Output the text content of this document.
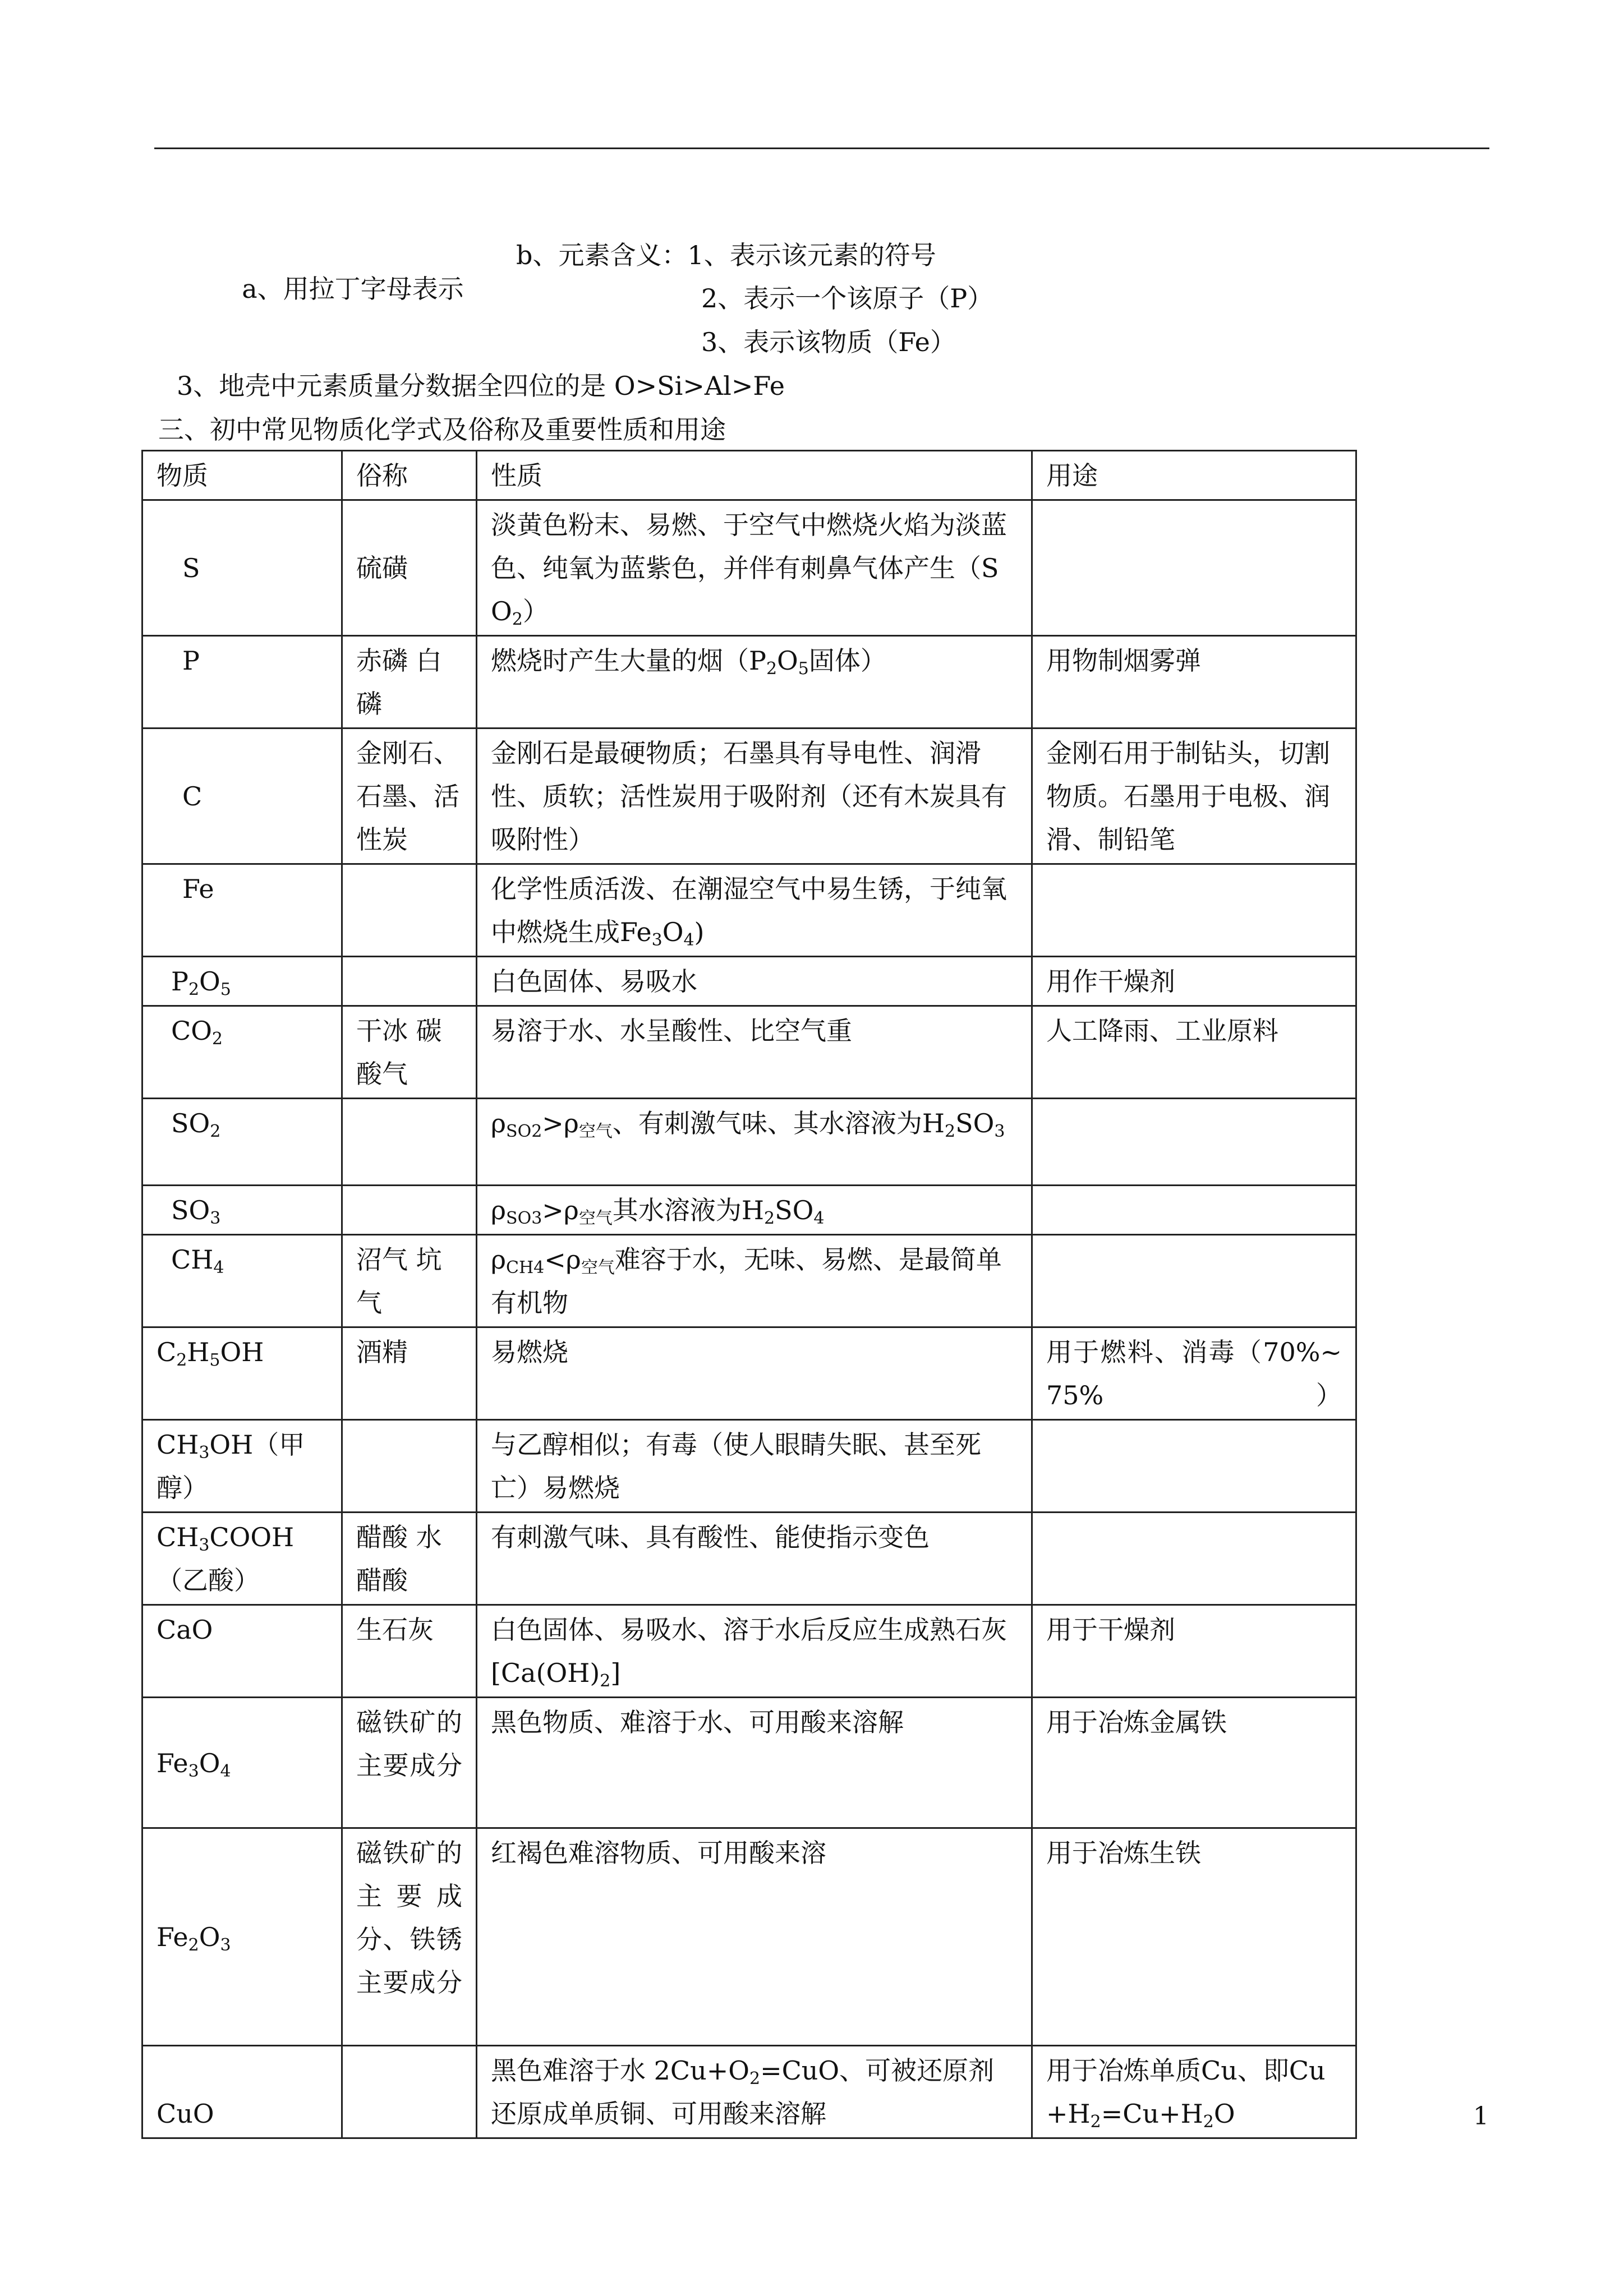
a、用拉丁字母表示

b、元素含义：1、表示该元素的符号

2、表示一个该原子（P）
3、表示该物质（Fe）
3、地壳中元素质量分数据全四位的是 O>Si>Al>Fe
三、初中常见物质化学式及俗称及重要性质和用途
物质	俗称	性质	用途
S	硫磺	淡黄色粉末、易燃、于空气中燃烧火焰为淡蓝色、纯氧为蓝紫色，并伴有刺鼻气体产生$(SO_2)$	
P	赤磷 白磷	燃烧时产生大量的烟（$P_2O_5$固体）	用物制烟雾弹
C	金刚石、石墨、活性炭	金刚石是最硬物质；石墨具有导电性、润滑性、质软；活性炭用于吸附剂（还有木炭具有吸附性）	金刚石用于制钻头，切割物质。石墨用于电极、润滑、制铅笔
Fe		化学性质活泼、在潮湿空气中易生锈，于纯氧中燃烧生成$Fe_3O_4$)	
$P_2O_5$		白色固体、易吸水	用作干燥剂
$CO_2$	干冰 碳酸气	易溶于水、水呈酸性、比空气重	人工降雨、工业原料
$SO_2$		$\rho_{SO2}>\rho_{空气}$、有刺激气味、其水溶液为$H_2SO_3$	
$SO_3$		$\rho_{SO3}>\rho_{空气}$其水溶液为$H_2SO_4$	
$CH_4$	沼气 坑气	$\rho_{CH4}<\rho_{空气}$难容于水，无味、易燃、是最简单有机物	
$C_2H_5OH$	酒精	易燃烧	用于燃料、消毒（70%~75%）
$CH_3OH$（甲醇）		与乙醇相似；有毒（使人眼睛失眠、甚至死亡）易燃烧	
$CH_3COOH$（乙酸）	醋酸 水醋酸	有刺激气味、具有酸性、能使指示变色	
CaO	生石灰	白色固体、易吸水、溶于水后反应生成熟石灰$[Ca(OH)_2]$	用于干燥剂
$Fe_3O_4$	磁铁矿的主要成分	黑色物质、难溶于水、可用酸来溶解	用于冶炼金属铁
$Fe_2O_3$	磁铁矿的主要成分、铁锈主要成分	红褐色难溶物质、可用酸来溶	用于冶炼生铁
CuO		黑色难溶于水 $2Cu+O_2=CuO$、可被还原剂还原成单质铜、可用酸来溶解	用于冶炼单质Cu、即$Cu+H_2=Cu+H_2O$	1
